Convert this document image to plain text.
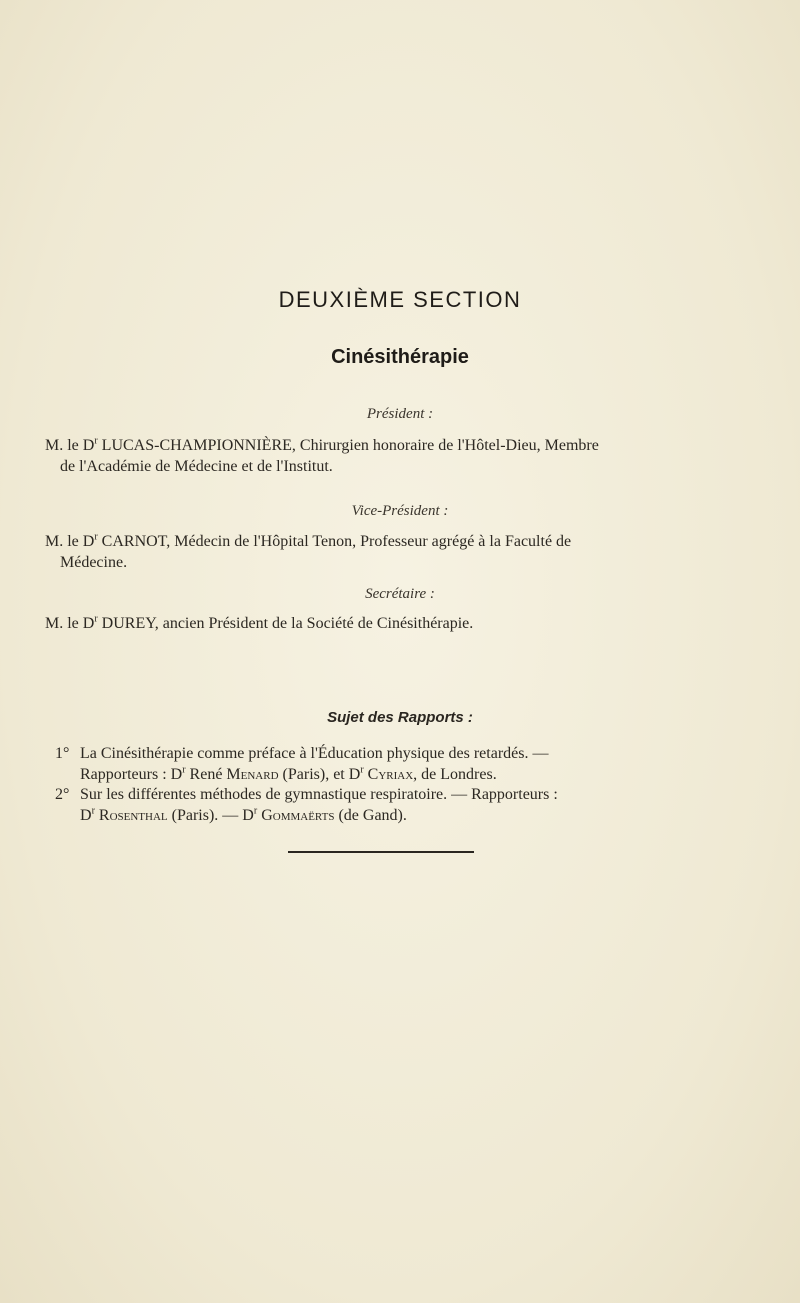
DEUXIÈME SECTION
Cinésithérapie
Président :
M. le $D^r$ LUCAS-CHAMPIONNIÈRE, Chirurgien honoraire de l'Hôtel-Dieu, Membre
de l'Académie de Médecine et de l'Institut.
Vice-Président :
M. le $D^r$ CARNOT, Médecin de l'Hôpital Tenon, Professeur agrégé à la Faculté de
Médecine.
Secrétaire :
M. le $D^r$ DUREY, ancien Président de la Société de Cinésithérapie.
Sujet des Rapports :
1° La Cinésithérapie comme préface à l'Éducation physique des retardés. —
Rapporteurs : $D^r$ René Menard (Paris), et $D^r$ Cyriax, de Londres.
2° Sur les différentes méthodes de gymnastique respiratoire. — Rapporteurs :
$D^r$ Rosenthal (Paris). — $D^r$ Gommaërts (de Gand).
